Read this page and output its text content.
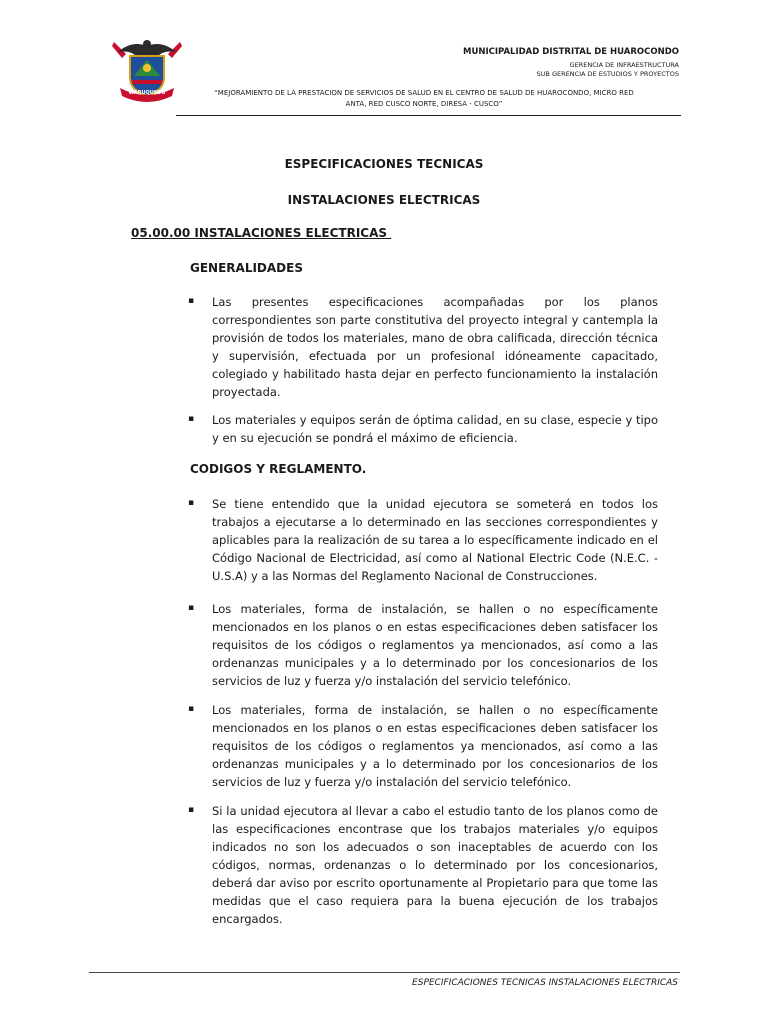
WARUQUNTU
MUNICIPALIDAD DISTRITAL DE HUAROCONDO
GERENCIA DE INFRAESTRUCTURA
SUB GERENCIA DE ESTUDIOS Y PROYECTOS
“MEJORAMIENTO DE LA PRESTACION DE SERVICIOS DE SALUD EN EL CENTRO DE SALUD DE HUAROCONDO, MICRO RED
ANTA, RED CUSCO NORTE, DIRESA - CUSCO”
ESPECIFICACIONES TECNICAS
INSTALACIONES ELECTRICAS
05.00.00 INSTALACIONES ELECTRICAS
GENERALIDADES
▪ Las presentes especificaciones acompañadas por los planos correspondientes son parte constitutiva del proyecto integral y cantempla la provisión de todos los materiales, mano de obra calificada, dirección técnica y supervisión, efectuada por un profesional idóneamente capacitado, colegiado y habilitado hasta dejar en perfecto funcionamiento la instalación proyectada.
▪ Los materiales y equipos serán de óptima calidad, en su clase, especie y tipo y en su ejecución se pondrá el máximo de eficiencia.
CODIGOS Y REGLAMENTO.
▪ Se tiene entendido que la unidad ejecutora se someterá en todos los trabajos a ejecutarse a lo determinado en las secciones correspondientes y aplicables para la realización de su tarea a lo específicamente indicado en el Código Nacional de Electricidad, así como al National Electric Code (N.E.C. - U.S.A) y a las Normas del Reglamento Nacional de Construcciones.
▪ Los materiales, forma de instalación, se hallen o no específicamente mencionados en los planos o en estas especificaciones deben satisfacer los requisitos de los códigos o reglamentos ya mencionados, así como a las ordenanzas municipales y a lo determinado por los concesionarios de los servicios de luz y fuerza y/o instalación del servicio telefónico.
▪ Los materiales, forma de instalación, se hallen o no específicamente mencionados en los planos o en estas especificaciones deben satisfacer los requisitos de los códigos o reglamentos ya mencionados, así como a las ordenanzas municipales y a lo determinado por los concesionarios de los servicios de luz y fuerza y/o instalación del servicio telefónico.
▪ Si la unidad ejecutora al llevar a cabo el estudio tanto de los planos como de las especificaciones encontrase que los trabajos materiales y/o equipos indicados no son los adecuados o son inaceptables de acuerdo con los códigos, normas, ordenanzas o lo determinado por los concesionarios, deberá dar aviso por escrito oportunamente al Propietario para que tome las medidas que el caso requiera para la buena ejecución de los trabajos encargados.
ESPECIFICACIONES TECNICAS INSTALACIONES ELECTRICAS
